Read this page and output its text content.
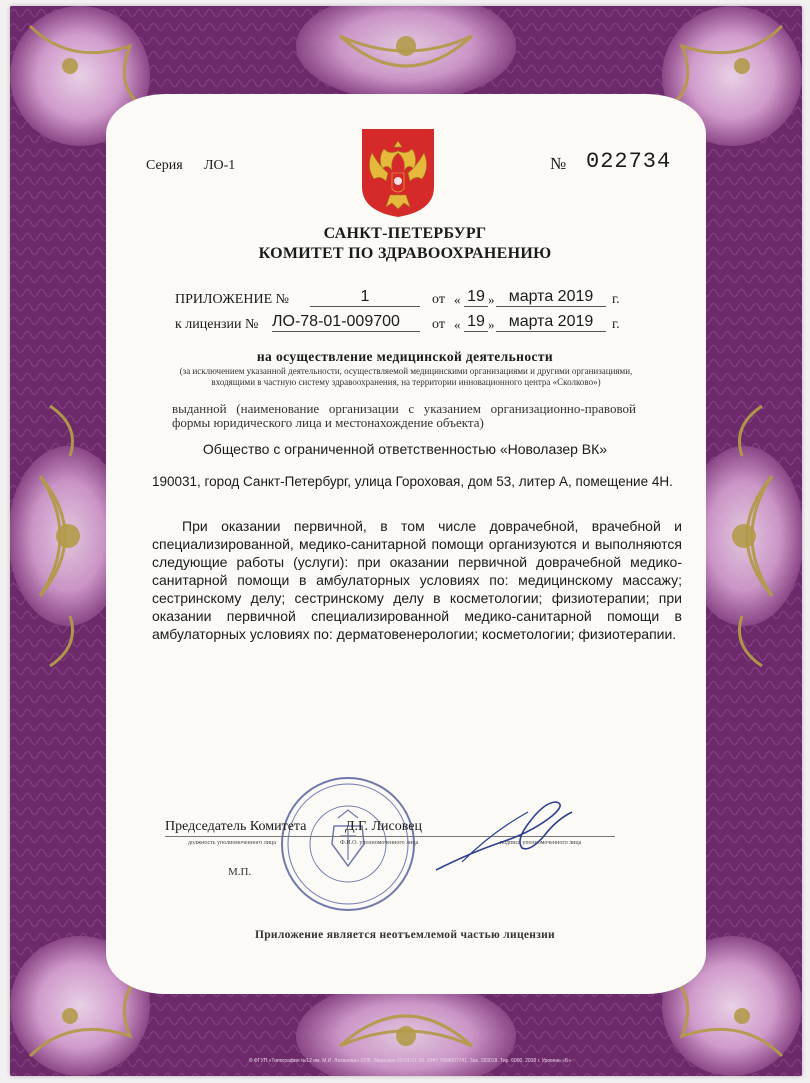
© ФГУП «Типография №12 им. М.И. Лоханова» СПб. Лицензия 03-01-01-10. ИНН 7804007741. Зак. 183018. Тир. 6000. 2018 г. Уровень «Б»
Серия ЛО-1	№ 022734
САНКТ-ПЕТЕРБУРГ
КОМИТЕТ ПО ЗДРАВООХРАНЕНИЮ
ПРИЛОЖЕНИЕ №	1	от « 19 » марта 2019	г.
к лицензии № ЛО-78-01-009700	от « 19 » марта 2019	г.
на осуществление медицинской деятельности
(за исключением указанной деятельности, осуществляемой медицинскими организациями и другими организациями, входящими в частную систему здравоохранения, на территории инновационного центра «Сколково»)
выданной (наименование организации с указанием организационно-правовой формы юридического лица и местонахождение объекта)
Общество с ограниченной ответственностью «Новолазер ВК»
190031, город Санкт-Петербург, улица Гороховая, дом 53, литер А, помещение 4Н.

При оказании первичной, в том числе доврачебной, врачебной и специализированной, медико-санитарной помощи организуются и выполняются следующие работы (услуги): при оказании первичной доврачебной медико-санитарной помощи в амбулаторных условиях по: медицинскому массажу; сестринскому делу; сестринскому делу в косметологии; физиотерапии; при оказании первичной специализированной медико-санитарной помощи в амбулаторных условиях по: дерматовенерологии; косметологии; физиотерапии.

Председатель Комитета	Д.Г. Лисовец
должность уполномоченного лица	Ф.И.О. уполномоченного лица	подпись уполномоченного лица
М.П.
Приложение является неотъемлемой частью лицензии
